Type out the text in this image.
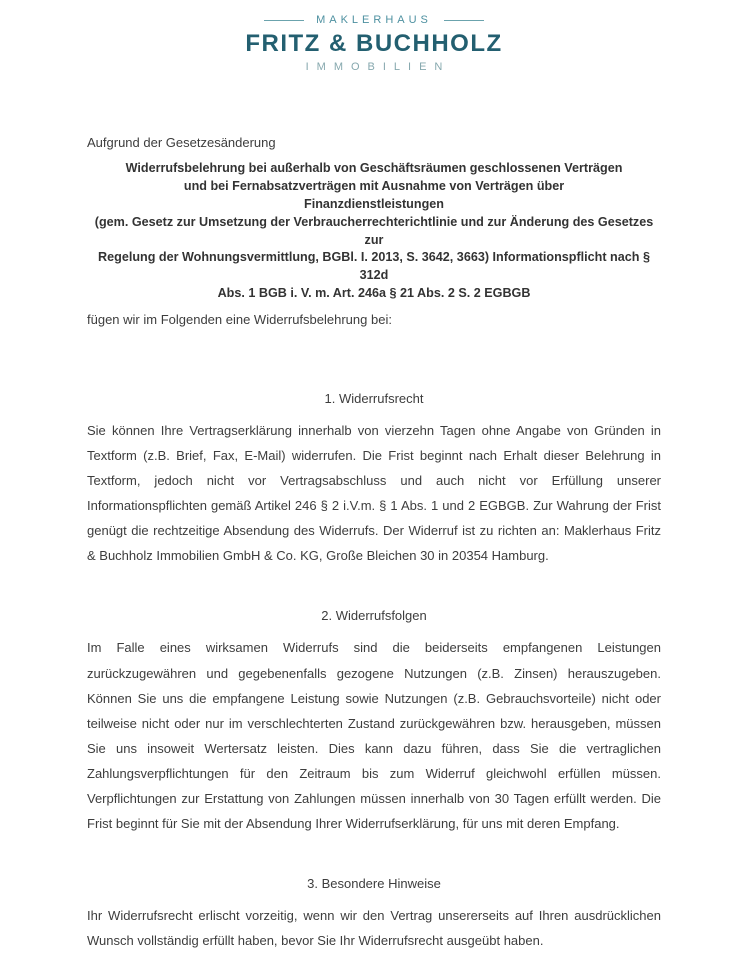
MAKLERHAUS
FRITZ & BUCHHOLZ
IMMOBILIEN

Aufgrund der Gesetzesänderung

Widerrufsbelehrung bei außerhalb von Geschäftsräumen geschlossenen Verträgen
und bei Fernabsatzverträgen mit Ausnahme von Verträgen über
Finanzdienstleistungen
(gem. Gesetz zur Umsetzung der Verbraucherrechterichtlinie und zur Änderung des Gesetzes
zur
Regelung der Wohnungsvermittlung, BGBl. I. 2013, S. 3642, 3663) Informationspflicht nach §
312d
Abs. 1 BGB i. V. m. Art. 246a § 21 Abs. 2 S. 2 EGBGB

fügen wir im Folgenden eine Widerrufsbelehrung bei:

1. Widerrufsrecht

Sie können Ihre Vertragserklärung innerhalb von vierzehn Tagen ohne Angabe von Gründen in Textform (z.B. Brief, Fax, E-Mail) widerrufen. Die Frist beginnt nach Erhalt dieser Belehrung in Textform, jedoch nicht vor Vertragsabschluss und auch nicht vor Erfüllung unserer Informationspflichten gemäß Artikel 246 § 2 i.V.m. § 1 Abs. 1 und 2 EGBGB. Zur Wahrung der Frist genügt die rechtzeitige Absendung des Widerrufs. Der Widerruf ist zu richten an: Maklerhaus Fritz & Buchholz Immobilien GmbH & Co. KG, Große Bleichen 30 in 20354 Hamburg.

2. Widerrufsfolgen

Im Falle eines wirksamen Widerrufs sind die beiderseits empfangenen Leistungen zurückzugewähren und gegebenenfalls gezogene Nutzungen (z.B. Zinsen) herauszugeben. Können Sie uns die empfangene Leistung sowie Nutzungen (z.B. Gebrauchsvorteile) nicht oder teilweise nicht oder nur im verschlechterten Zustand zurückgewähren bzw. herausgeben, müssen Sie uns insoweit Wertersatz leisten. Dies kann dazu führen, dass Sie die vertraglichen Zahlungsverpflichtungen für den Zeitraum bis zum Widerruf gleichwohl erfüllen müssen. Verpflichtungen zur Erstattung von Zahlungen müssen innerhalb von 30 Tagen erfüllt werden. Die Frist beginnt für Sie mit der Absendung Ihrer Widerrufserklärung, für uns mit deren Empfang.

3. Besondere Hinweise

Ihr Widerrufsrecht erlischt vorzeitig, wenn wir den Vertrag unsererseits auf Ihren ausdrücklichen Wunsch vollständig erfüllt haben, bevor Sie Ihr Widerrufsrecht ausgeübt haben.
